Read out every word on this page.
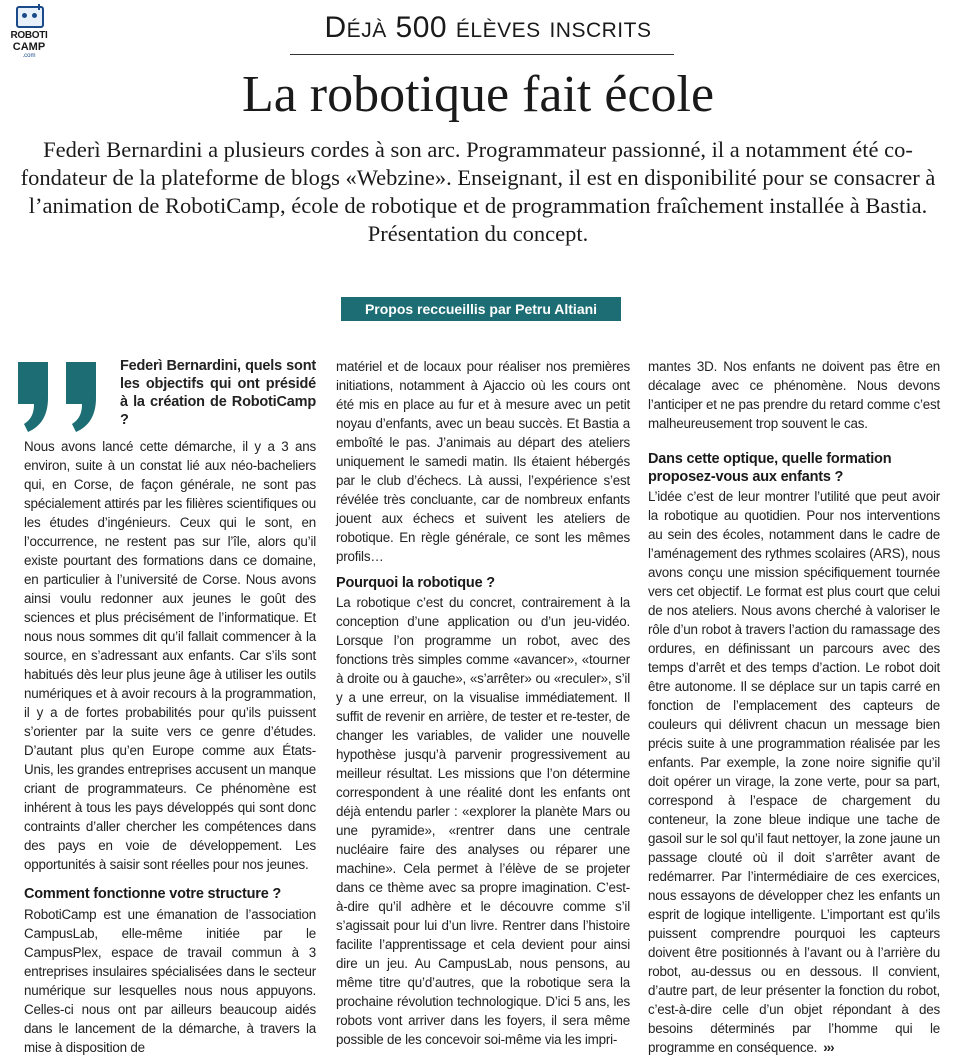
ROBOTI
CAMP
.com
Déjà 500 élèves inscrits
La robotique fait école

Federì Bernardini a plusieurs cordes à son arc. Programmateur passionné, il a notamment été co-fondateur de la plateforme de blogs «Webzine». Enseignant, il est en disponibilité pour se consacrer à l’animation de RobotiCamp, école de robotique et de programmation fraîchement installée à Bastia. Présentation du concept.

Propos reccueillis par Petru Altiani
Federì Bernardini, quels sont les objectifs qui ont présidé à la création de RobotiCamp ?

Nous avons lancé cette démarche, il y a 3 ans environ, suite à un constat lié aux néo-bacheliers qui, en Corse, de façon générale, ne sont pas spécialement attirés par les filières scientifiques ou les études d’ingénieurs. Ceux qui le sont, en l’occurrence, ne restent pas sur l’île, alors qu’il existe pourtant des formations dans ce domaine, en particulier à l’université de Corse. Nous avons ainsi voulu redonner aux jeunes le goût des sciences et plus précisément de l’informatique. Et nous nous sommes dit qu’il fallait commencer à la source, en s’adressant aux enfants. Car s’ils sont habitués dès leur plus jeune âge à utiliser les outils numériques et à avoir recours à la programmation, il y a de fortes probabilités pour qu’ils puissent s’orienter par la suite vers ce genre d’études. D’autant plus qu’en Europe comme aux États-Unis, les grandes entreprises accusent un manque criant de programmateurs. Ce phénomène est inhérent à tous les pays développés qui sont donc contraints d’aller chercher les compétences dans des pays en voie de développement. Les opportunités à saisir sont réelles pour nos jeunes.

Comment fonctionne votre structure ?

RobotiCamp est une émanation de l’association CampusLab, elle-même initiée par le CampusPlex, espace de travail commun à 3 entreprises insulaires spécialisées dans le secteur numérique sur lesquelles nous nous appuyons. Celles-ci nous ont par ailleurs beaucoup aidés dans le lancement de la démarche, à travers la mise à disposition de

matériel et de locaux pour réaliser nos premières initiations, notamment à Ajaccio où les cours ont été mis en place au fur et à mesure avec un petit noyau d’enfants, avec un beau succès. Et Bastia a emboîté le pas. J’animais au départ des ateliers uniquement le samedi matin. Ils étaient hébergés par le club d’échecs. Là aussi, l’expérience s’est révélée très concluante, car de nombreux enfants jouent aux échecs et suivent les ateliers de robotique. En règle générale, ce sont les mêmes profils…

Pourquoi la robotique ?

La robotique c’est du concret, contrairement à la conception d’une application ou d’un jeu-vidéo. Lorsque l’on programme un robot, avec des fonctions très simples comme «avancer», «tourner à droite ou à gauche», «s’arrêter» ou «reculer», s’il y a une erreur, on la visualise immédiatement. Il suffit de revenir en arrière, de tester et re-tester, de changer les variables, de valider une nouvelle hypothèse jusqu’à parvenir progressivement au meilleur résultat. Les missions que l’on détermine correspondent à une réalité dont les enfants ont déjà entendu parler : «explorer la planète Mars ou une pyramide», «rentrer dans une centrale nucléaire faire des analyses ou réparer une machine». Cela permet à l’élève de se projeter dans ce thème avec sa propre imagination. C’est-à-dire qu’il adhère et le découvre comme s’il s’agissait pour lui d’un livre. Rentrer dans l’histoire facilite l’apprentissage et cela devient pour ainsi dire un jeu. Au CampusLab, nous pensons, au même titre qu’d’autres, que la robotique sera la prochaine révolution technologique. D’ici 5 ans, les robots vont arriver dans les foyers, il sera même possible de les concevoir soi-même via les impri-

mantes 3D. Nos enfants ne doivent pas être en décalage avec ce phénomène. Nous devons l’anticiper et ne pas prendre du retard comme c’est malheureusement trop souvent le cas.

Dans cette optique, quelle formation proposez-vous aux enfants ?

L’idée c’est de leur montrer l’utilité que peut avoir la robotique au quotidien. Pour nos interventions au sein des écoles, notamment dans le cadre de l’aménagement des rythmes scolaires (ARS), nous avons conçu une mission spécifiquement tournée vers cet objectif. Le format est plus court que celui de nos ateliers. Nous avons cherché à valoriser le rôle d’un robot à travers l’action du ramassage des ordures, en définissant un parcours avec des temps d’arrêt et des temps d’action. Le robot doit être autonome. Il se déplace sur un tapis carré en fonction de l’emplacement des capteurs de couleurs qui délivrent chacun un message bien précis suite à une programmation réalisée par les enfants. Par exemple, la zone noire signifie qu’il doit opérer un virage, la zone verte, pour sa part, correspond à l’espace de chargement du conteneur, la zone bleue indique une tache de gasoil sur le sol qu’il faut nettoyer, la zone jaune un passage clouté où il doit s’arrêter avant de redémarrer. Par l’intermédiaire de ces exercices, nous essayons de développer chez les enfants un esprit de logique intelligente. L’important est qu’ils puissent comprendre pourquoi les capteurs doivent être positionnés à l’avant ou à l’arrière du robot, au-dessus ou en dessous. Il convient, d’autre part, de leur présenter la fonction du robot, c’est-à-dire celle d’un objet répondant à des besoins déterminés par l’homme qui le programme en conséquence. ›››
